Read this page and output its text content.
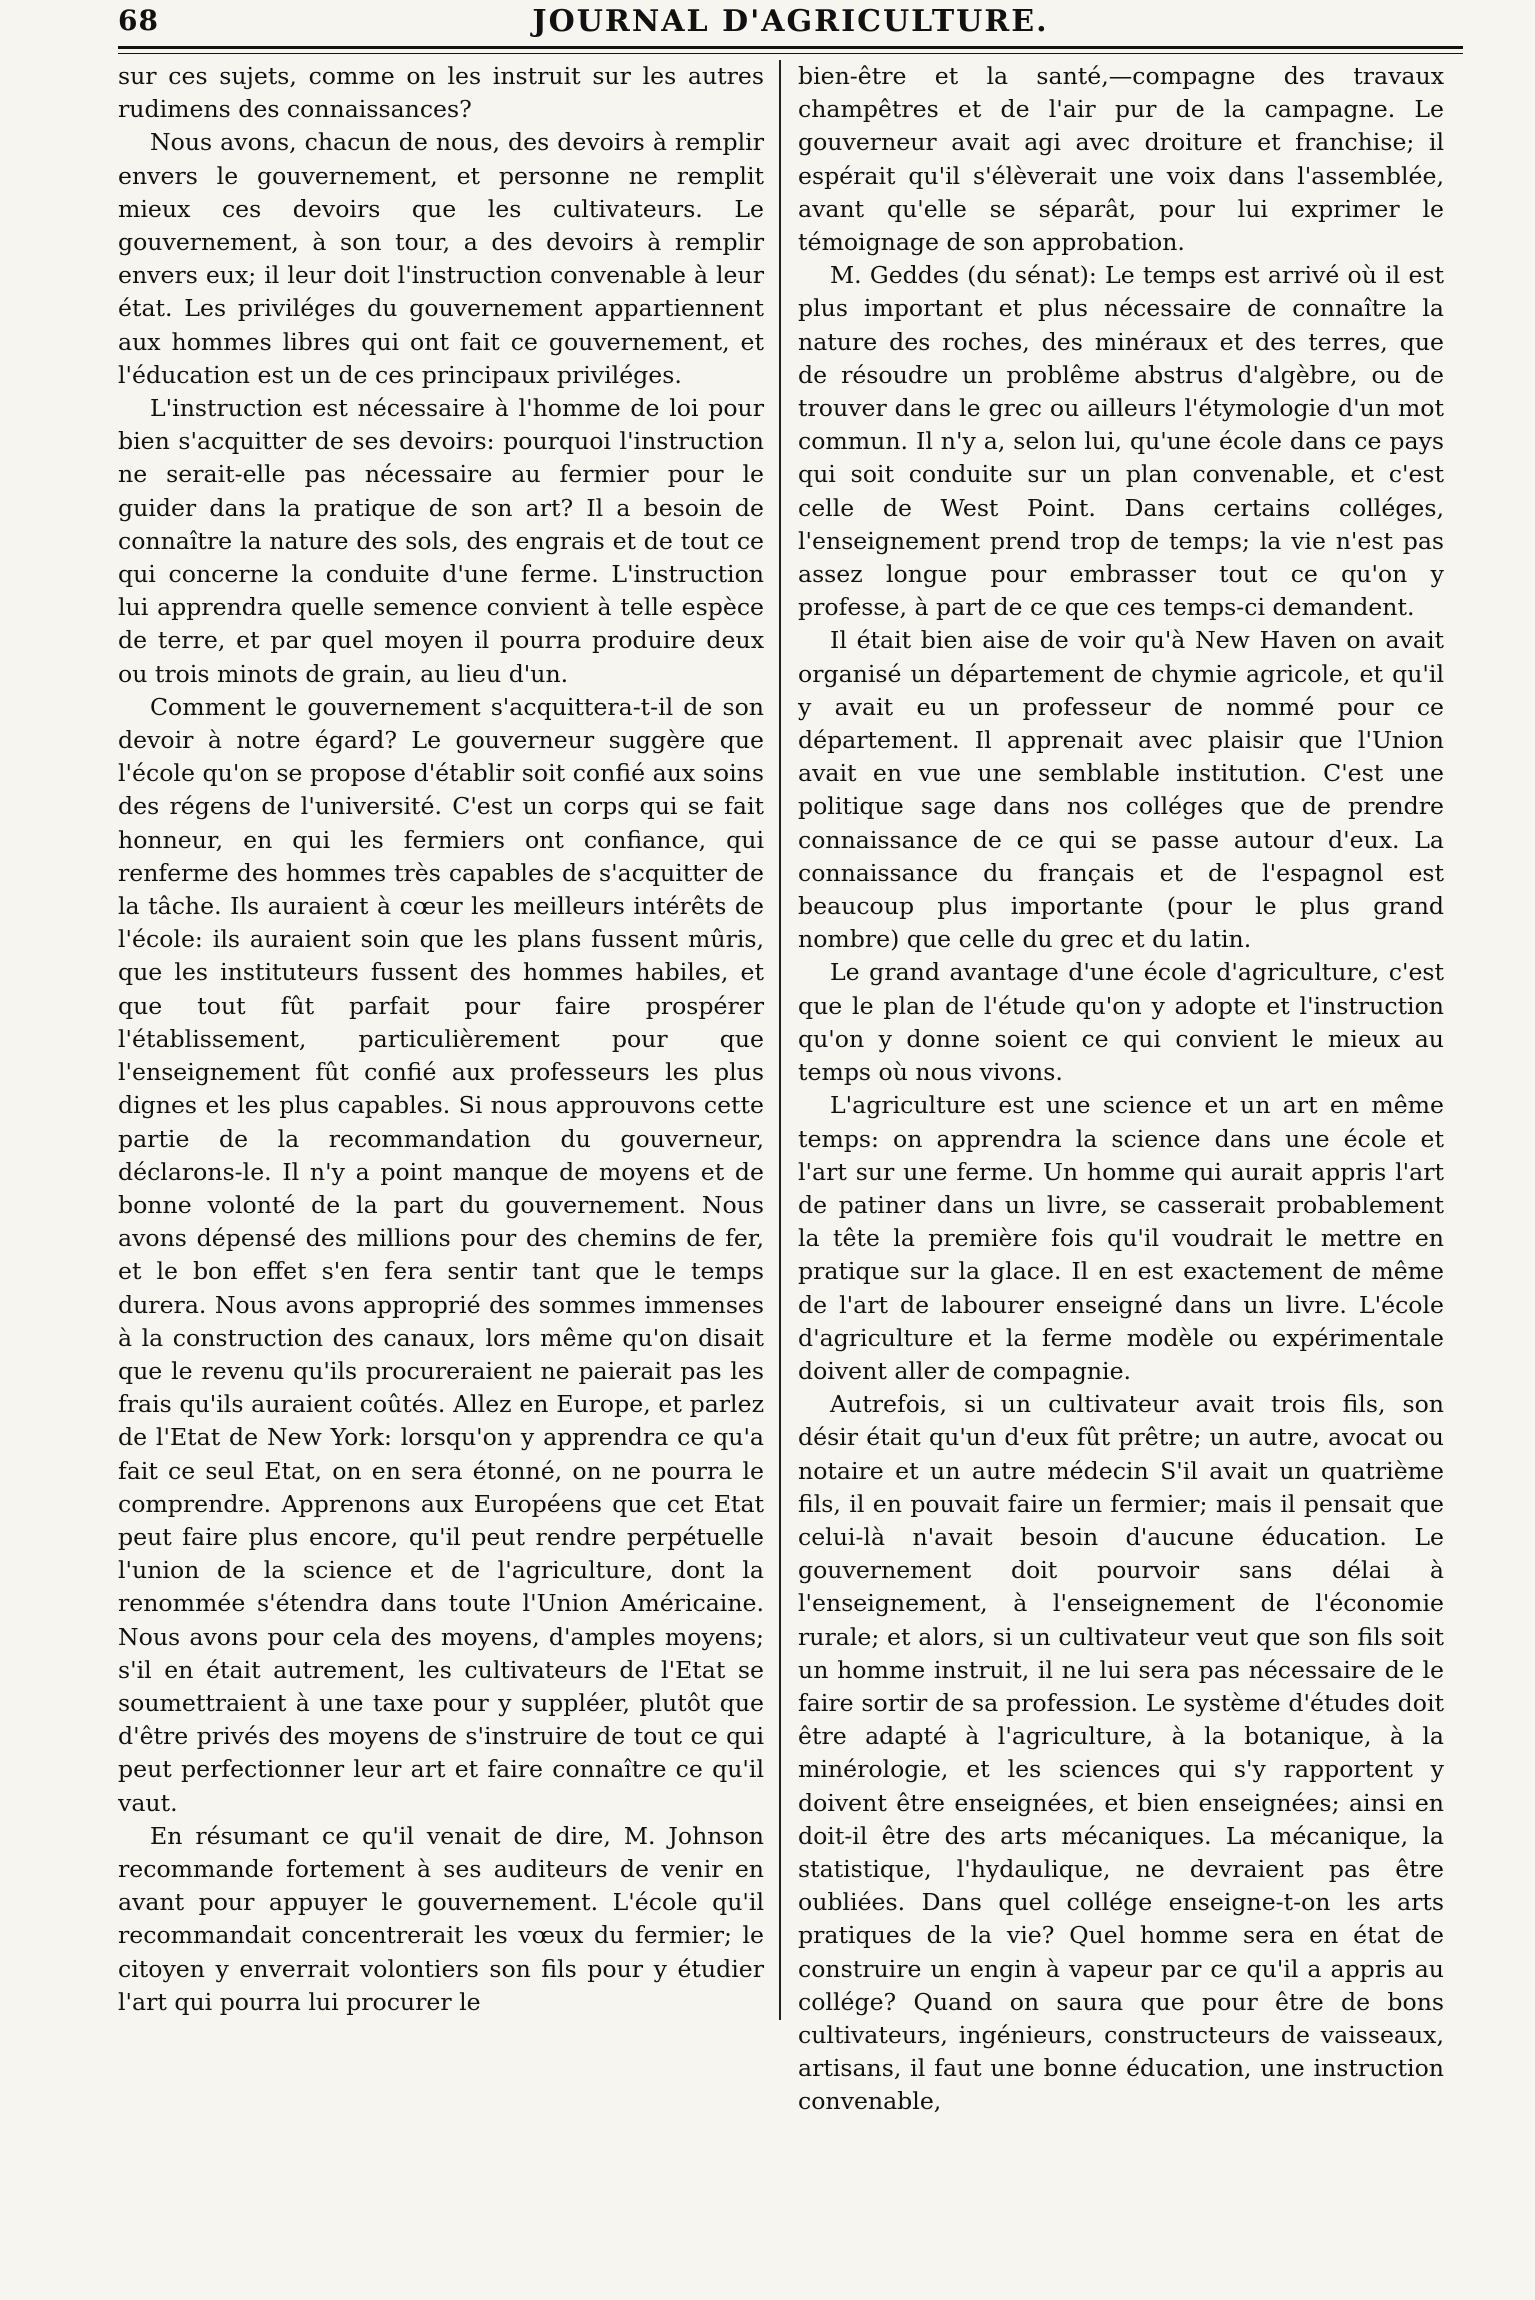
68	JOURNAL D'AGRICULTURE.

sur ces sujets, comme on les instruit sur les autres rudimens des connaissances?

Nous avons, chacun de nous, des devoirs à remplir envers le gouvernement, et personne ne remplit mieux ces devoirs que les cultivateurs. Le gouvernement, à son tour, a des devoirs à remplir envers eux; il leur doit l'instruction convenable à leur état. Les priviléges du gouvernement appartiennent aux hommes libres qui ont fait ce gouvernement, et l'éducation est un de ces principaux priviléges.

L'instruction est nécessaire à l'homme de loi pour bien s'acquitter de ses devoirs: pourquoi l'instruction ne serait-elle pas nécessaire au fermier pour le guider dans la pratique de son art? Il a besoin de connaître la nature des sols, des engrais et de tout ce qui concerne la conduite d'une ferme. L'instruction lui apprendra quelle semence convient à telle espèce de terre, et par quel moyen il pourra produire deux ou trois minots de grain, au lieu d'un.

Comment le gouvernement s'acquittera-t-il de son devoir à notre égard? Le gouverneur suggère que l'école qu'on se propose d'établir soit confié aux soins des régens de l'université. C'est un corps qui se fait honneur, en qui les fermiers ont confiance, qui renferme des hommes très capables de s'acquitter de la tâche. Ils auraient à cœur les meilleurs intérêts de l'école: ils auraient soin que les plans fussent mûris, que les instituteurs fussent des hommes habiles, et que tout fût parfait pour faire prospérer l'établissement, particulièrement pour que l'enseignement fût confié aux professeurs les plus dignes et les plus capables. Si nous approuvons cette partie de la recommandation du gouverneur, déclarons-le. Il n'y a point manque de moyens et de bonne volonté de la part du gouvernement. Nous avons dépensé des millions pour des chemins de fer, et le bon effet s'en fera sentir tant que le temps durera. Nous avons approprié des sommes immenses à la construction des canaux, lors même qu'on disait que le revenu qu'ils procureraient ne paierait pas les frais qu'ils auraient coûtés. Allez en Europe, et parlez de l'Etat de New York: lorsqu'on y apprendra ce qu'a fait ce seul Etat, on en sera étonné, on ne pourra le comprendre. Apprenons aux Européens que cet Etat peut faire plus encore, qu'il peut rendre perpétuelle l'union de la science et de l'agriculture, dont la renommée s'étendra dans toute l'Union Américaine. Nous avons pour cela des moyens, d'amples moyens; s'il en était autrement, les cultivateurs de l'Etat se soumettraient à une taxe pour y suppléer, plutôt que d'être privés des moyens de s'instruire de tout ce qui peut perfectionner leur art et faire connaître ce qu'il vaut.

En résumant ce qu'il venait de dire, M. Johnson recommande fortement à ses auditeurs de venir en avant pour appuyer le gouvernement. L'école qu'il recommandait concentrerait les vœux du fermier; le citoyen y enverrait volontiers son fils pour y étudier l'art qui pourra lui procurer le

bien-être et la santé,—compagne des travaux champêtres et de l'air pur de la campagne. Le gouverneur avait agi avec droiture et franchise; il espérait qu'il s'élèverait une voix dans l'assemblée, avant qu'elle se séparât, pour lui exprimer le témoignage de son approbation.

M. Geddes (du sénat): Le temps est arrivé où il est plus important et plus nécessaire de connaître la nature des roches, des minéraux et des terres, que de résoudre un problême abstrus d'algèbre, ou de trouver dans le grec ou ailleurs l'étymologie d'un mot commun. Il n'y a, selon lui, qu'une école dans ce pays qui soit conduite sur un plan convenable, et c'est celle de West Point. Dans certains colléges, l'enseignement prend trop de temps; la vie n'est pas assez longue pour embrasser tout ce qu'on y professe, à part de ce que ces temps-ci demandent.

Il était bien aise de voir qu'à New Haven on avait organisé un département de chymie agricole, et qu'il y avait eu un professeur de nommé pour ce département. Il apprenait avec plaisir que l'Union avait en vue une semblable institution. C'est une politique sage dans nos colléges que de prendre connaissance de ce qui se passe autour d'eux. La connaissance du français et de l'espagnol est beaucoup plus importante (pour le plus grand nombre) que celle du grec et du latin.

Le grand avantage d'une école d'agriculture, c'est que le plan de l'étude qu'on y adopte et l'instruction qu'on y donne soient ce qui convient le mieux au temps où nous vivons.

L'agriculture est une science et un art en même temps: on apprendra la science dans une école et l'art sur une ferme. Un homme qui aurait appris l'art de patiner dans un livre, se casserait probablement la tête la première fois qu'il voudrait le mettre en pratique sur la glace. Il en est exactement de même de l'art de labourer enseigné dans un livre. L'école d'agriculture et la ferme modèle ou expérimentale doivent aller de compagnie.

Autrefois, si un cultivateur avait trois fils, son désir était qu'un d'eux fût prêtre; un autre, avocat ou notaire et un autre médecin S'il avait un quatrième fils, il en pouvait faire un fermier; mais il pensait que celui-là n'avait besoin d'aucune éducation. Le gouvernement doit pourvoir sans délai à l'enseignement, à l'enseignement de l'économie rurale; et alors, si un cultivateur veut que son fils soit un homme instruit, il ne lui sera pas nécessaire de le faire sortir de sa profession. Le système d'études doit être adapté à l'agriculture, à la botanique, à la minérologie, et les sciences qui s'y rapportent y doivent être enseignées, et bien enseignées; ainsi en doit-il être des arts mécaniques. La mécanique, la statistique, l'hydaulique, ne devraient pas être oubliées. Dans quel collége enseigne-t-on les arts pratiques de la vie? Quel homme sera en état de construire un engin à vapeur par ce qu'il a appris au collége? Quand on saura que pour être de bons cultivateurs, ingénieurs, constructeurs de vaisseaux, artisans, il faut une bonne éducation, une instruction convenable,
